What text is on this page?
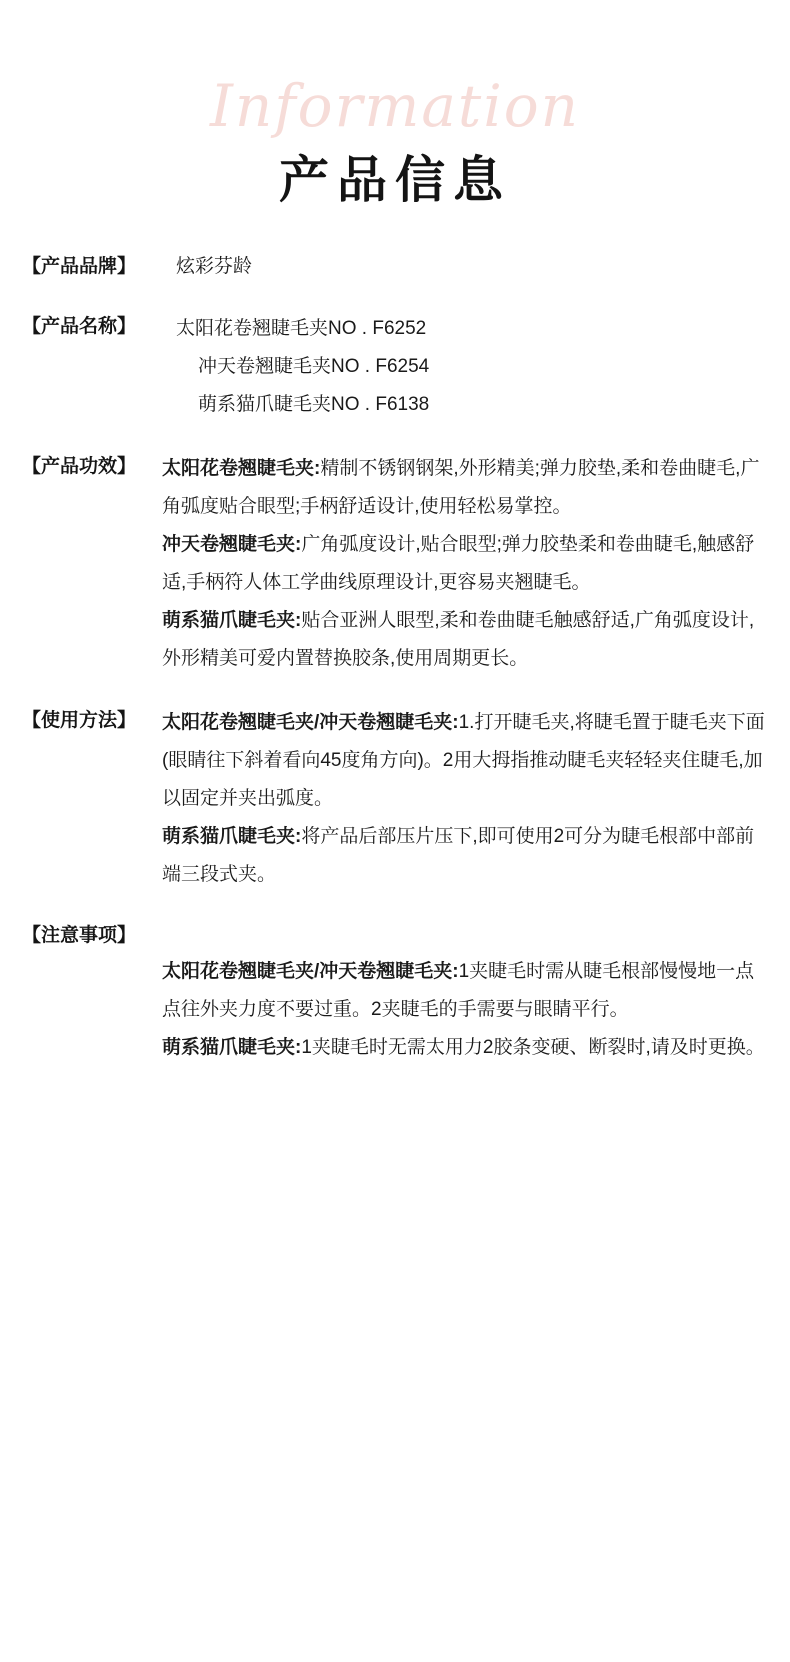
Information
产品信息
【产品品牌】	炫彩芬龄
【产品名称】	太阳花卷翘睫毛夹NO . F6252
冲天卷翘睫毛夹NO . F6254
萌系猫爪睫毛夹NO . F6138
【产品功效】	太阳花卷翘睫毛夹:精制不锈钢钢架,外形精美;弹力胶垫,柔和卷曲睫毛,广角弧度贴合眼型;手柄舒适设计,使用轻松易掌控。

冲天卷翘睫毛夹:广角弧度设计,贴合眼型;弹力胶垫柔和卷曲睫毛,触感舒适,手柄符人体工学曲线原理设计,更容易夹翘睫毛。

萌系猫爪睫毛夹:贴合亚洲人眼型,柔和卷曲睫毛触感舒适,广角弧度设计,外形精美可爱内置替换胶条,使用周期更长。

【使用方法】	太阳花卷翘睫毛夹/冲天卷翘睫毛夹:1.打开睫毛夹,将睫毛置于睫毛夹下面(眼睛往下斜着看向45度角方向)。2用大拇指推动睫毛夹轻轻夹住睫毛,加以固定并夹出弧度。

萌系猫爪睫毛夹:将产品后部压片压下,即可使用2可分为睫毛根部中部前端三段式夹。

【注意事项】

太阳花卷翘睫毛夹/冲天卷翘睫毛夹:1夹睫毛时需从睫毛根部慢慢地一点点往外夹力度不要过重。2夹睫毛的手需要与眼睛平行。

萌系猫爪睫毛夹:1夹睫毛时无需太用力2胶条变硬、断裂时,请及时更换。
